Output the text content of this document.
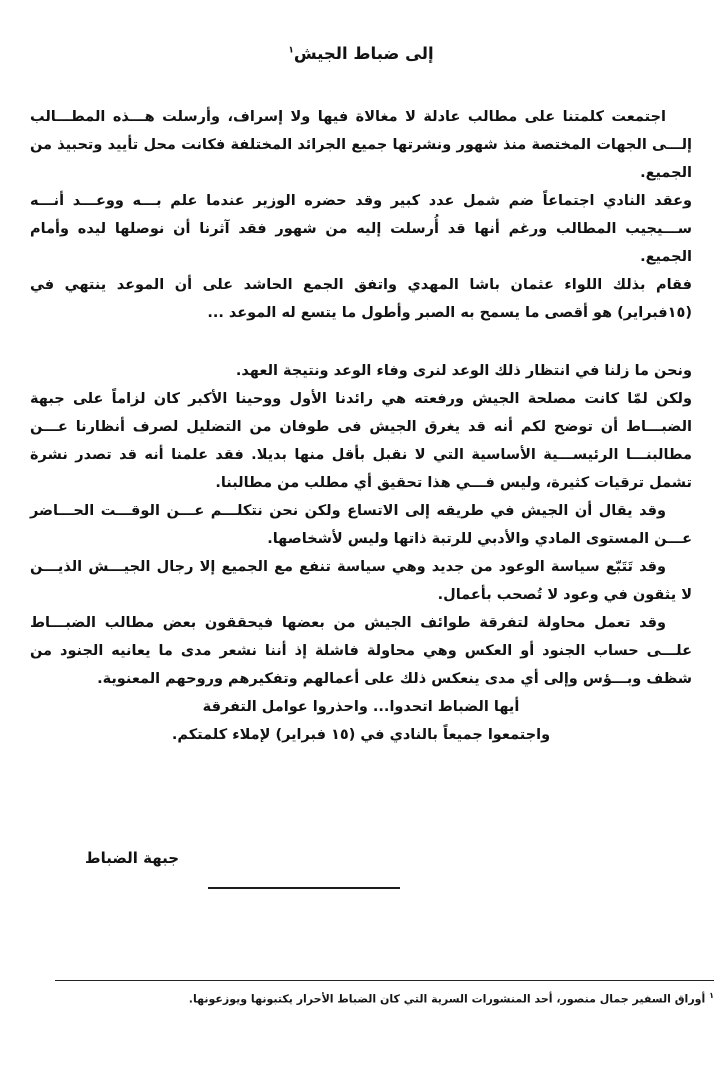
إلى ضباط الجيش$^١$

اجتمعت كلمتنا على مطالب عادلة لا مغالاة فيها ولا إسراف، وأرسلت هـــذه المطـــالب إلـــى الجهات المختصة منذ شهور ونشرتها جميع الجرائد المختلفة فكانت محل تأييد وتحبيذ من الجميع.

وعقد النادي اجتماعاً ضم شمل عدد كبير وقد حضره الوزير عندما علم بـــه ووعـــد أنـــه ســـيجيب المطالب ورغم أنها قد أُرسلت إليه من شهور فقد آثرنا أن نوصلها ليده وأمام الجميع.

فقام بذلك اللواء عثمان باشا المهدي واتفق الجمع الحاشد على أن الموعد ينتهي في (١٥فبراير) هو أقصى ما يسمح به الصبر وأطول ما يتسع له الموعد ...

ونحن ما زلنا في انتظار ذلك الوعد لنرى وفاء الوعد ونتيجة العهد.

ولكن لمّا كانت مصلحة الجيش ورفعته هي رائدنا الأول ووحينا الأكبر كان لزاماً على جبهة الضبـــاط أن توضح لكم أنه قد يغرق الجيش فى طوفان من التضليل لصرف أنظارنا عـــن مطالبنـــا الرئيســـية الأساسية التي لا نقبل بأقل منها بديلا. فقد علمنا أنه قد تصدر نشرة تشمل ترقيات كثيرة، وليس فـــي هذا تحقيق أي مطلب من مطالبنا.

وقد يقال أن الجيش في طريقه إلى الاتساع ولكن نحن نتكلـــم عـــن الوقـــت الحـــاضر عـــن المستوى المادي والأدبي للرتبة ذاتها وليس لأشخاصها.

وقد تَتَبّع سياسة الوعود من جديد وهي سياسة تنفع مع الجميع إلا رجال الجيـــش الذيـــن لا يثقون في وعود لا تُصحب بأعمال.

وقد تعمل محاولة لتفرقة طوائف الجيش من بعضها فيحققون بعض مطالب الضبـــاط علـــى حساب الجنود أو العكس وهي محاولة فاشلة إذ أننا نشعر مدى ما يعانيه الجنود من شظف وبـــؤس وإلى أي مدى ينعكس ذلك على أعمالهم وتفكيرهم وروحهم المعنوية.

أيها الضباط اتحدوا... واحذروا عوامل التفرقة

واجتمعوا جميعاً بالنادي في (١٥ فبراير) لإملاء كلمتكم.

جبهة الضباط
$^١$ أوراق السفير جمال منصور، أحد المنشورات السرية التي كان الضباط الأحرار يكتبونها ويوزعونها.
